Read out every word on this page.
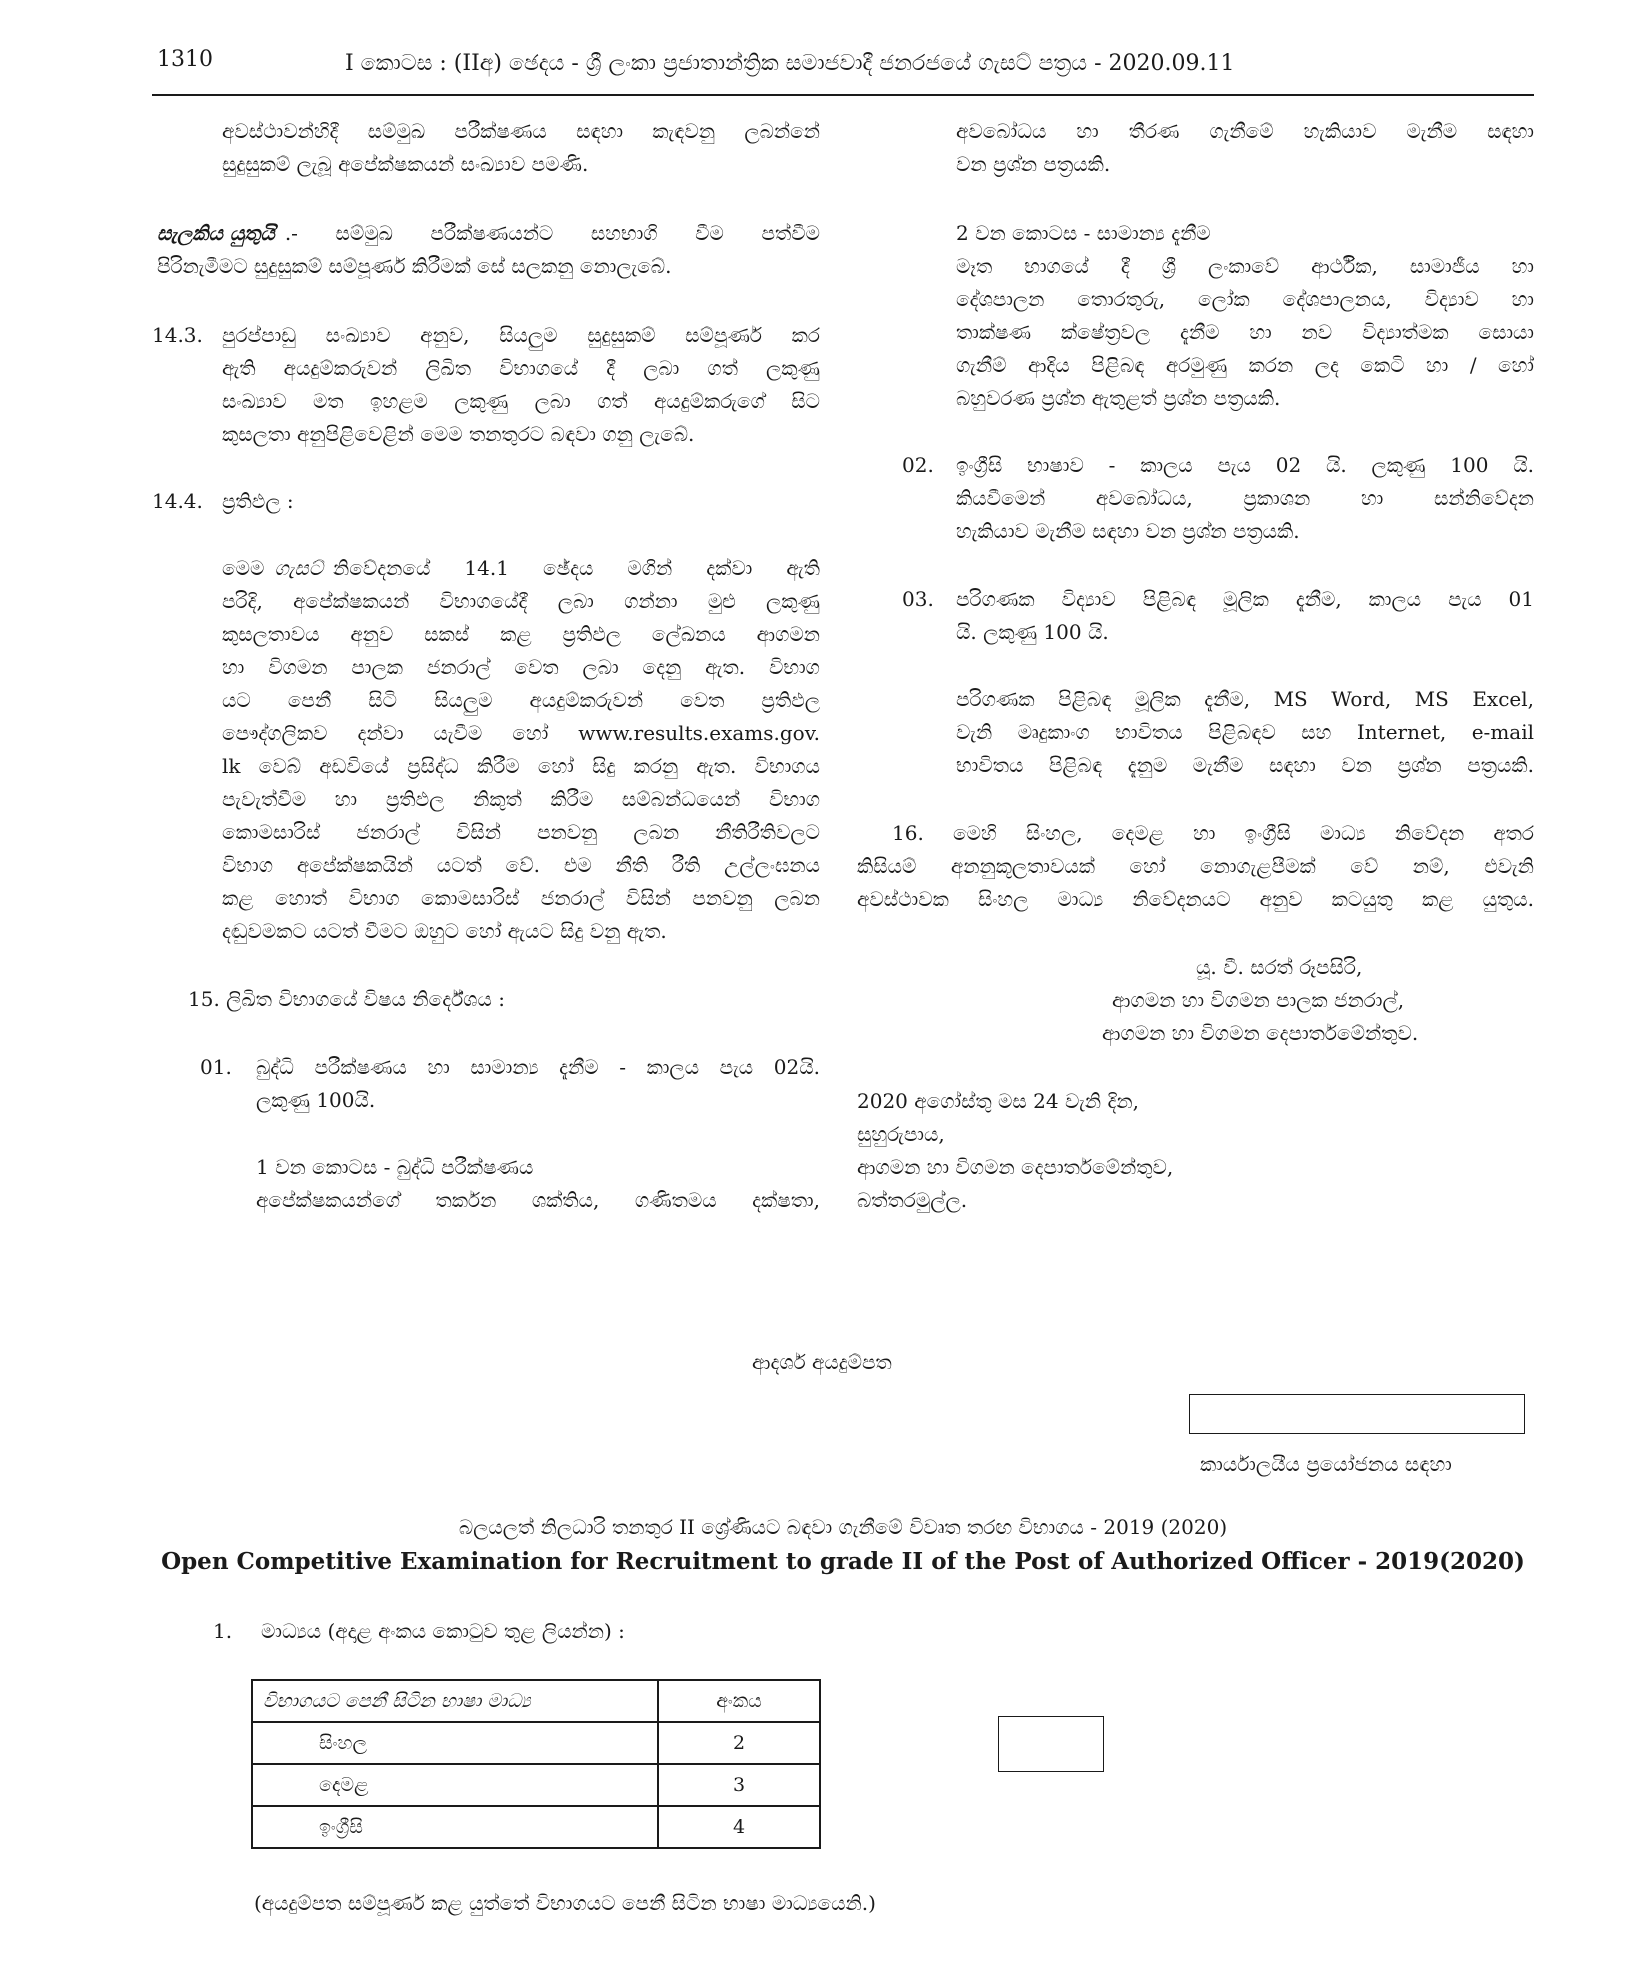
1310	I කොටස : (IIඅ) ඡෙදය - ශ්‍රී ලංකා ප්‍රජාතාන්ත්‍රික සමාජවාදී ජනරජයේ ගැසට් පත්‍රය - 2020.09.11
අවස්ථාවන්හිදී සම්මුඛ පරීක්ෂණය සඳහා කැඳවනු ලබන්නේ
සුදුසුකම් ලැබූ අපේක්ෂකයන් සංඛ්‍යාව පමණි.
සැලකිය යුතුයි .- සම්මුඛ පරීක්ෂණයන්ට සහභාගි වීම පත්වීම
පිරිනැමීමට සුදුසුකම් සම්පූර්ණ කිරීමක් සේ සලකනු නොලැබේ.
14.3. පුරප්පාඩු සංඛ්‍යාව අනුව, සියලුම සුදුසුකම් සම්පූර්ණ කර
ඇති අයදුම්කරුවන් ලිඛිත විභාගයේ දී ලබා ගත් ලකුණු
සංඛ්‍යාව මත ඉහළම ලකුණු ලබා ගත් අයදුම්කරුගේ සිට
කුසලතා අනුපිළිවෙළින් මෙම තනතුරට බඳවා ගනු ලැබේ.
14.4. ප්‍රතිඵල :
මෙම ගැසට් නිවේදනයේ 14.1 ඡේදය මගින් දක්වා ඇති
පරිදි, අපේක්ෂකයන් විභාගයේදී ලබා ගන්නා මුළු ලකුණු
කුසලතාවය අනුව සකස් කළ ප්‍රතිඵල ලේඛනය ආගමන
හා විගමන පාලක ජනරාල් වෙත ලබා දෙනු ඇත. විභාග
යට පෙනී සිටි සියලුම අයදුම්කරුවන් වෙත ප්‍රතිඵල
පෞද්ගලිකව දන්වා යැවීම හෝ www.results.exams.gov.
lk වෙබ් අඩවියේ ප්‍රසිද්ධ කිරීම හෝ සිදු කරනු ඇත. විභාගය
පැවැත්වීම හා ප්‍රතිඵල නිකුත් කිරීම සම්බන්ධයෙන් විභාග
කොමසාරිස් ජනරාල් විසින් පනවනු ලබන නීතිරීතිවලට
විභාග අපේක්ෂකයින් යටත් වේ. එම නීති රීති උල්ලංඝනය
කළ හොත් විභාග කොමසාරිස් ජනරාල් විසින් පනවනු ලබන
දඬුවමකට යටත් වීමට ඔහුට හෝ ඇයට සිදු වනු ඇත.
15. ලිඛිත විභාගයේ විෂය නිර්දේශය :
01. බුද්ධි පරීක්ෂණය හා සාමාන්‍ය දැනීම - කාලය පැය 02යි.
ලකුණු 100යි.
1 වන කොටස - බුද්ධි පරීක්ෂණය
අපේක්ෂකයන්ගේ තර්කන ශක්තිය, ගණිතමය දක්ෂතා,
අවබෝධය හා තීරණ ගැනීමේ හැකියාව මැනීම සඳහා
වන ප්‍රශ්න පත්‍රයකි.
2 වන කොටස - සාමාන්‍ය දැනීම
මෑත භාගයේ දී ශ්‍රී ලංකාවේ ආර්ථික, සාමාජීය හා
දේශපාලන තොරතුරු, ලෝක දේශපාලනය, විද්‍යාව හා
තාක්ෂණ ක්ෂේත්‍රවල දැනීම හා නව විද්‍යාත්මක සොයා
ගැනීම් ආදිය පිළිබඳ අරමුණු කරන ලද කෙටි හා / හෝ
බහුවරණ ප්‍රශ්න ඇතුළත් ප්‍රශ්න පත්‍රයකි.
02. ඉංග්‍රීසි භාෂාව - කාලය පැය 02 යි. ලකුණු 100 යි.
කියවීමෙන් අවබෝධය, ප්‍රකාශන හා සන්නිවේදන
හැකියාව මැනීම සඳහා වන ප්‍රශ්න පත්‍රයකි.
03. පරිගණක විද්‍යාව පිළිබඳ මූලික දැනීම, කාලය පැය 01
යි. ලකුණු 100 යි.
පරිගණක පිළිබඳ මූලික දැනීම, MS Word, MS Excel,
වැනි මෘදුකාංග භාවිතය පිළිබඳව සහ Internet, e-mail
භාවිතය පිළිබඳ දැනුම මැනීම සඳහා වන ප්‍රශ්න පත්‍රයකි.
16. මෙහි සිංහල, දෙමළ හා ඉංග්‍රීසි මාධ්‍ය නිවේදන අතර
කිසියම් අනනුකූලතාවයක් හෝ නොගැළපීමක් වේ නම්, එවැනි
අවස්ථාවක සිංහල මාධ්‍ය නිවේදනයට අනුව කටයුතු කළ යුතුය.
යූ. වී. සරත් රූපසිරි,
ආගමන හා විගමන පාලක ජනරාල්,
ආගමන හා විගමන දෙපාර්තමේන්තුව.
2020 අගෝස්තු මස 24 වැනි දින,
සුහුරුපාය,
ආගමන හා විගමන දෙපාර්තමේන්තුව,
බත්තරමුල්ල.
ආදර්ශ අයදුම්පත
කාර්යාලයීය ප්‍රයෝජනය සඳහා
බලයලත් නිලධාරි තනතුර II ශ්‍රේණියට බඳවා ගැනීමේ විවෘත තරඟ විභාගය - 2019 (2020)
Open Competitive Examination for Recruitment to grade II of the Post of Authorized Officer - 2019(2020)
1. මාධ්‍යය (අදාළ අංකය කොටුව තුළ ලියන්න) :
විභාගයට පෙනී සිටින භාෂා මාධ්‍ය	අංකය
සිංහල	2
දෙමළ	3
ඉංග්‍රීසි	4
(අයදුම්පත සම්පූර්ණ කළ යුත්තේ විභාගයට පෙනී සිටින භාෂා මාධ්‍යයෙනි.)
